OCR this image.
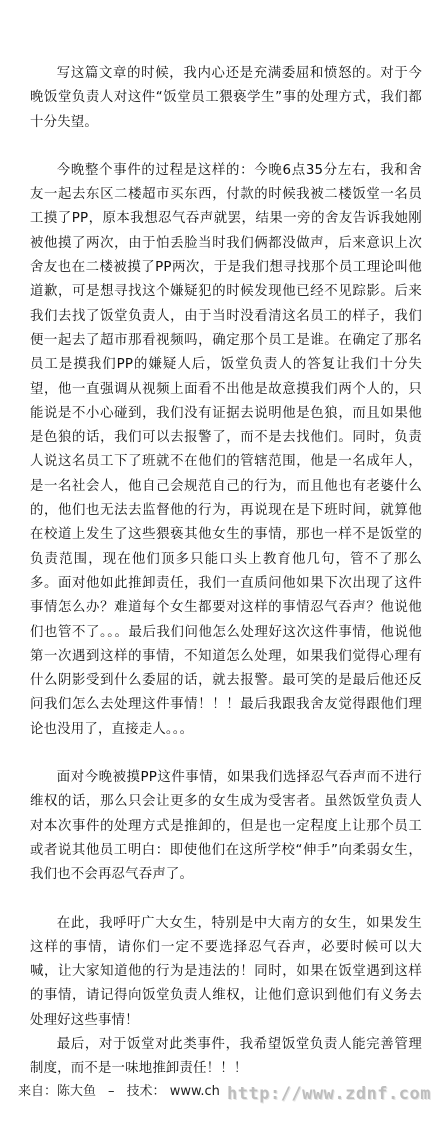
写这篇文章的时候，我内心还是充满委屈和愤怒的。对于今晚饭堂负责人对这件“饭堂员工猥亵学生”事的处理方式，我们都十分失望。

今晚整个事件的过程是这样的：今晚6点35分左右，我和舍友一起去东区二楼超市买东西，付款的时候我被二楼饭堂一名员工摸了PP，原本我想忍气吞声就罢，结果一旁的舍友告诉我她刚被他摸了两次，由于怕丢脸当时我们俩都没做声，后来意识上次舍友也在二楼被摸了PP两次，于是我们想寻找那个员工理论叫他道歉，可是想寻找这个嫌疑犯的时候发现他已经不见踪影。后来我们去找了饭堂负责人，由于当时没看清这名员工的样子，我们便一起去了超市那看视频吗，确定那个员工是谁。在确定了那名员工是摸我们PP的嫌疑人后，饭堂负责人的答复让我们十分失望，他一直强调从视频上面看不出他是故意摸我们两个人的，只能说是不小心碰到，我们没有证据去说明他是色狼，而且如果他是色狼的话，我们可以去报警了，而不是去找他们。同时，负责人说这名员工下了班就不在他们的管辖范围，他是一名成年人，是一名社会人，他自己会规范自己的行为，而且他也有老婆什么的，他们也无法去监督他的行为，再说现在是下班时间，就算他在校道上发生了这些猥亵其他女生的事情，那也一样不是饭堂的负责范围，现在他们顶多只能口头上教育他几句，管不了那么多。面对他如此推卸责任，我们一直质问他如果下次出现了这件事情怎么办？难道每个女生都要对这样的事情忍气吞声？他说他们也管不了。。。最后我们问他怎么处理好这次这件事情，他说他第一次遇到这样的事情，不知道怎么处理，如果我们觉得心理有什么阴影受到什么委屈的话，就去报警。最可笑的是最后他还反问我们怎么去处理这件事情！！！最后我跟我舍友觉得跟他们理论也没用了，直接走人。。。

面对今晚被摸PP这件事情，如果我们选择忍气吞声而不进行维权的话，那么只会让更多的女生成为受害者。虽然饭堂负责人对本次事件的处理方式是推卸的，但是也一定程度上让那个员工或者说其他员工明白：即使他们在这所学校“伸手”向柔弱女生，我们也不会再忍气吞声了。

在此，我呼吁广大女生，特别是中大南方的女生，如果发生这样的事情，请你们一定不要选择忍气吞声，必要时候可以大喊，让大家知道他的行为是违法的！同时，如果在饭堂遇到这样的事情，请记得向饭堂负责人维权，让他们意识到他们有义务去处理好这些事情！

最后，对于饭堂对此类事件，我希望饭堂负责人能完善管理制度，而不是一味地推卸责任！！！

来自：陈大鱼 – 技术： www.ch http://www.zdnf.com
